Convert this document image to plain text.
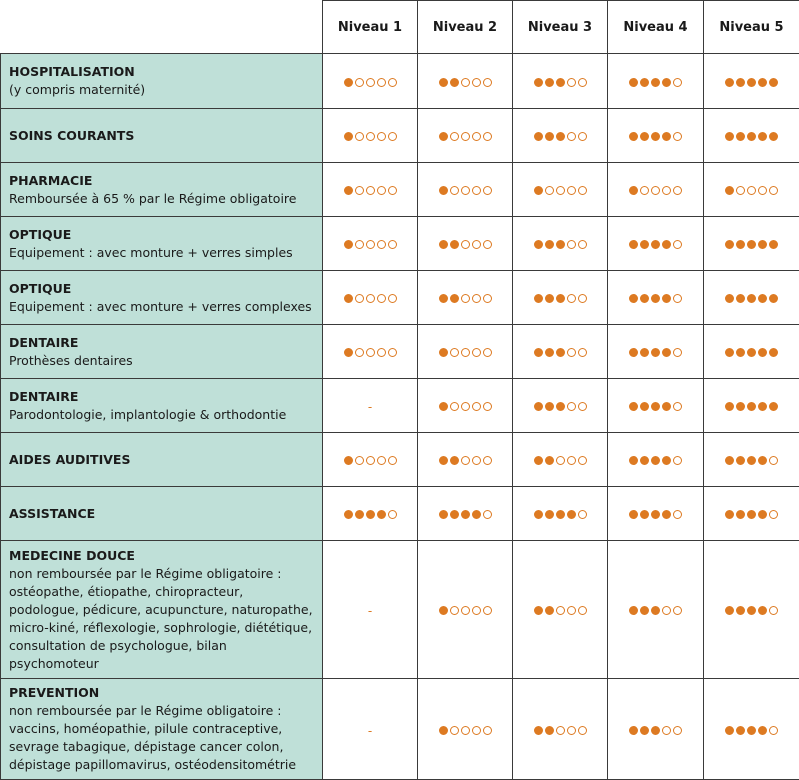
	Niveau 1	Niveau 2	Niveau 3	Niveau 4	Niveau 5

HOSPITALISATION
(y compris maternité)					

SOINS COURANTS					

PHARMACIE
Remboursée à 65 % par le Régime obligatoire					

OPTIQUE
Equipement : avec monture + verres simples					

OPTIQUE
Equipement : avec monture + verres complexes					

DENTAIRE
Prothèses dentaires					

DENTAIRE
Parodontologie, implantologie & orthodontie	-	

AIDES AUDITIVES					

ASSISTANCE					

MEDECINE DOUCE
non remboursée par le Régime obligatoire : ostéopathe, étiopathe, chiropracteur, podologue, pédicure, acupuncture, naturopathe, micro-kiné, réflexologie, sophrologie, diététique, consultation de psychologue, bilan psychomoteur	-	

PREVENTION
non remboursée par le Régime obligatoire : vaccins, homéopathie, pilule contraceptive, sevrage tabagique, dépistage cancer colon, dépistage papillomavirus, ostéodensitométrie	-	
